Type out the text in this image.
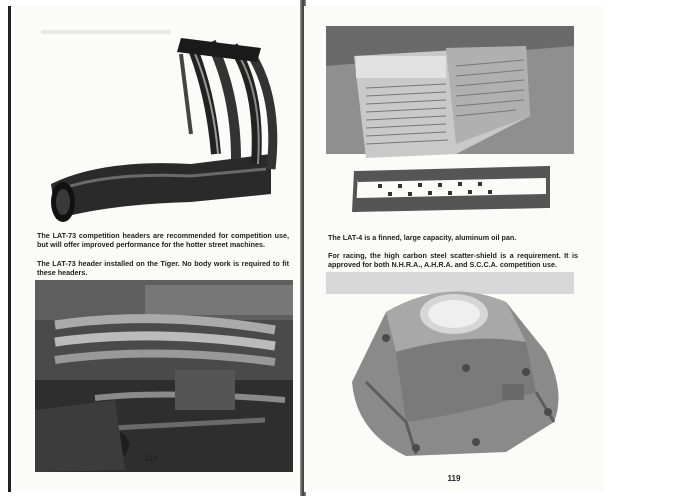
The LAT-73 competition headers are recommended for competition use, but will offer improved performance for the hotter street machines.

The LAT-73 header installed on the Tiger. No body work is required to fit these headers.

118

The LAT-4 is a finned, large capacity, aluminum oil pan.

For racing, the high carbon steel scatter-shield is a requirement. It is approved for both N.H.R.A., A.H.R.A. and S.C.C.A. competition use.

119
